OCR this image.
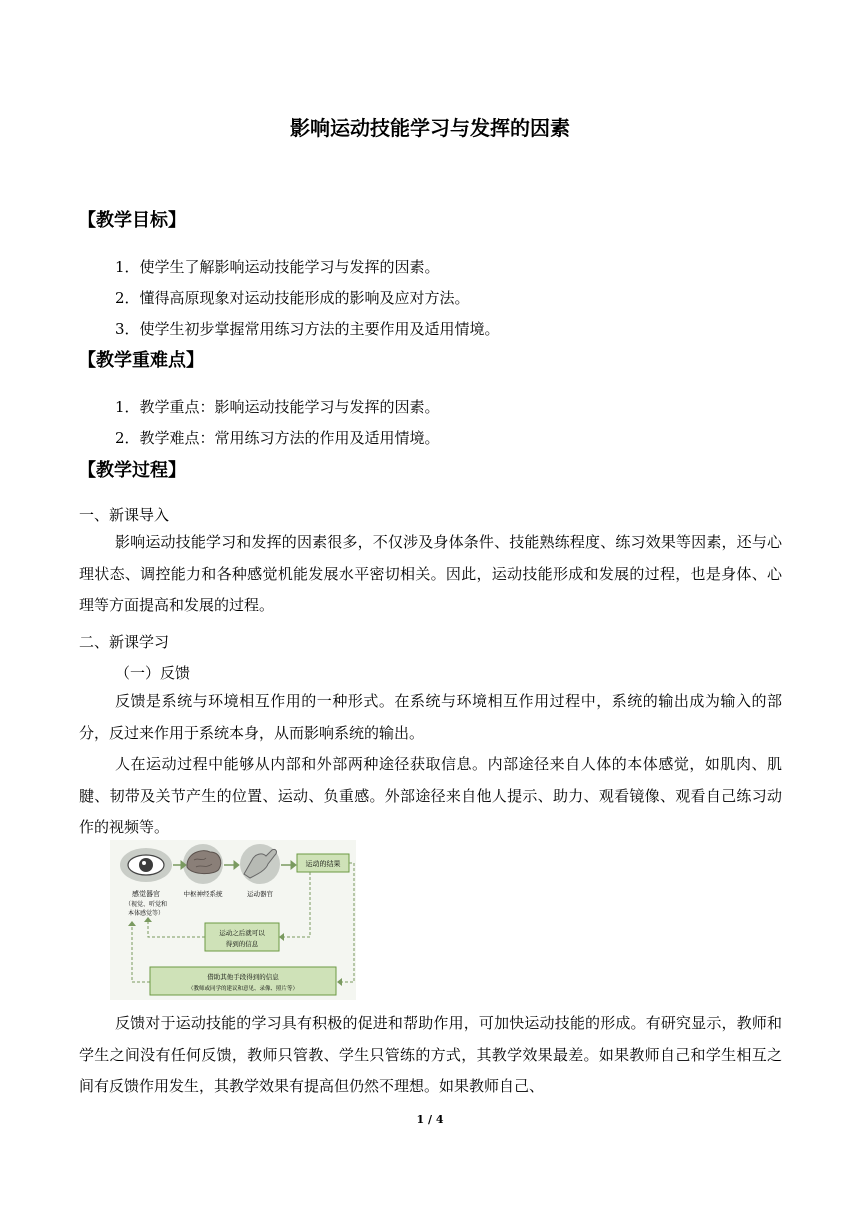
影响运动技能学习与发挥的因素
【教学目标】
1．使学生了解影响运动技能学习与发挥的因素。
2．懂得高原现象对运动技能形成的影响及应对方法。
3．使学生初步掌握常用练习方法的主要作用及适用情境。
【教学重难点】
1．教学重点：影响运动技能学习与发挥的因素。
2．教学难点：常用练习方法的作用及适用情境。
【教学过程】
一、新课导入
影响运动技能学习和发挥的因素很多，不仅涉及身体条件、技能熟练程度、练习效果等因素，还与心理状态、调控能力和各种感觉机能发展水平密切相关。因此，运动技能形成和发展的过程，也是身体、心理等方面提高和发展的过程。
二、新课学习
（一）反馈
反馈是系统与环境相互作用的一种形式。在系统与环境相互作用过程中，系统的输出成为输入的部分，反过来作用于系统本身，从而影响系统的输出。
人在运动过程中能够从内部和外部两种途径获取信息。内部途径来自人体的本体感觉，如肌肉、肌腱、韧带及关节产生的位置、运动、负重感。外部途径来自他人提示、助力、观看镜像、观看自己练习动作的视频等。
运动的结果
感觉器官
（视觉、听觉和
本体感觉等）
中枢神经系统	运动器官
运动之后就可以
得到的信息
借助其他手段得到的信息
（教师或同学的建议和意见、录像、照片等）
反馈对于运动技能的学习具有积极的促进和帮助作用，可加快运动技能的形成。有研究显示，教师和学生之间没有任何反馈，教师只管教、学生只管练的方式，其教学效果最差。如果教师自己和学生相互之间有反馈作用发生，其教学效果有提高但仍然不理想。如果教师自己、
1 / 4
